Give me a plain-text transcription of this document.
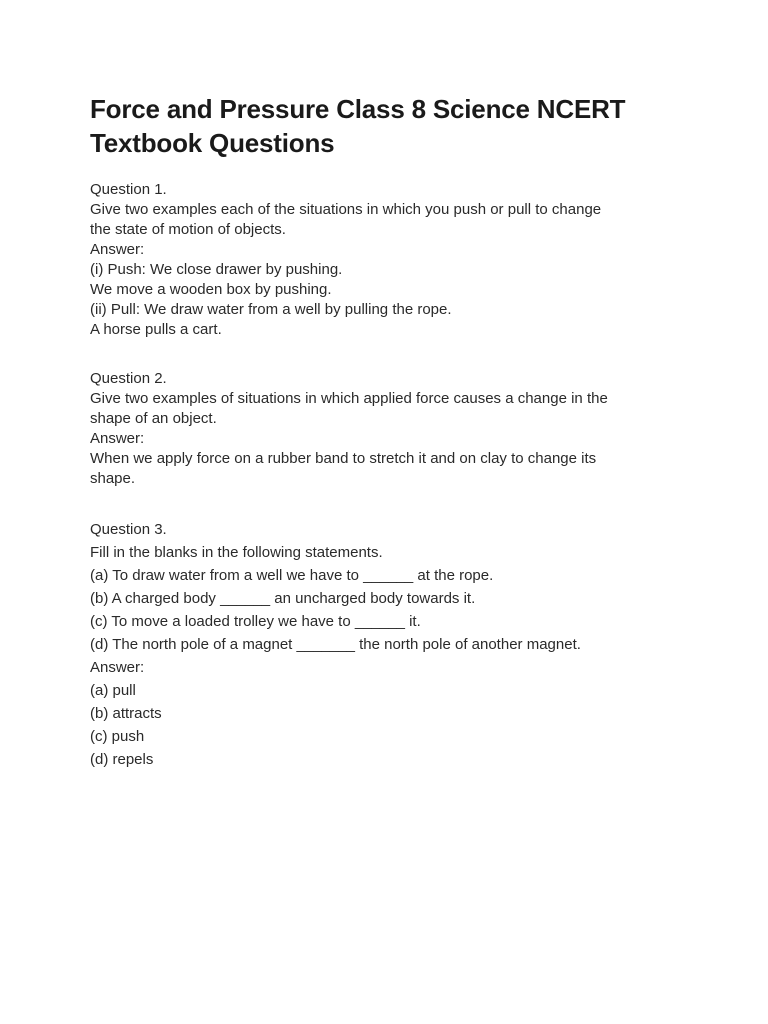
Force and Pressure Class 8 Science NCERT
Textbook Questions
Question 1.
Give two examples each of the situations in which you push or pull to change
the state of motion of objects.
Answer:
(i) Push: We close drawer by pushing.
We move a wooden box by pushing.
(ii) Pull: We draw water from a well by pulling the rope.
A horse pulls a cart.
Question 2.
Give two examples of situations in which applied force causes a change in the
shape of an object.
Answer:
When we apply force on a rubber band to stretch it and on clay to change its
shape.
Question 3.
Fill in the blanks in the following statements.
(a) To draw water from a well we have to ______ at the rope.
(b) A charged body ______ an uncharged body towards it.
(c) To move a loaded trolley we have to ______ it.
(d) The north pole of a magnet _______ the north pole of another magnet.
Answer:
(a) pull
(b) attracts
(c) push
(d) repels
